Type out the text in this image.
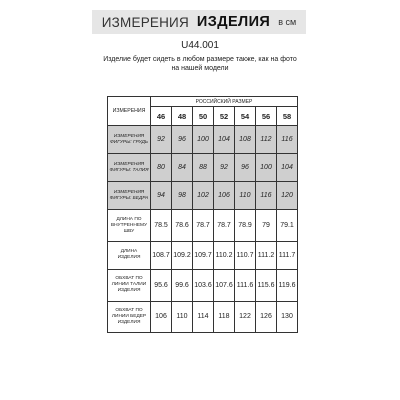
ИЗМЕРЕНИЯ ИЗДЕЛИЯ в см
U44.001
Изделие будет сидеть в любом размере также, как на фото на нашей модели
ИЗМЕРЕНИЯ	РОССИЙСКИЙ РАЗМЕР						
	46	48	50	52	54	56	58
ИЗМЕРЕНИЯ ФИГУРЫ: ГРУДЬ	92	96	100	104	108	112	116
ИЗМЕРЕНИЯ ФИГУРЫ: ТАЛИЯ	80	84	88	92	96	100	104
ИЗМЕРЕНИЯ ФИГУРЫ: БЕДРА	94	98	102	106	110	116	120
ДЛИНА ПО ВНУТРЕННЕМУ ШВУ	78.5	78.6	78.7	78.7	78.9	79	79.1
ДЛИНА ИЗДЕЛИЯ	108.7	109.2	109.7	110.2	110.7	111.2	111.7
ОБХВАТ ПО ЛИНИИ ТАЛИИ ИЗДЕЛИЯ	95.6	99.6	103.6	107.6	111.6	115.6	119.6
ОБХВАТ ПО ЛИНИИ БЕДЕР ИЗДЕЛИЯ	106	110	114	118	122	126	130
